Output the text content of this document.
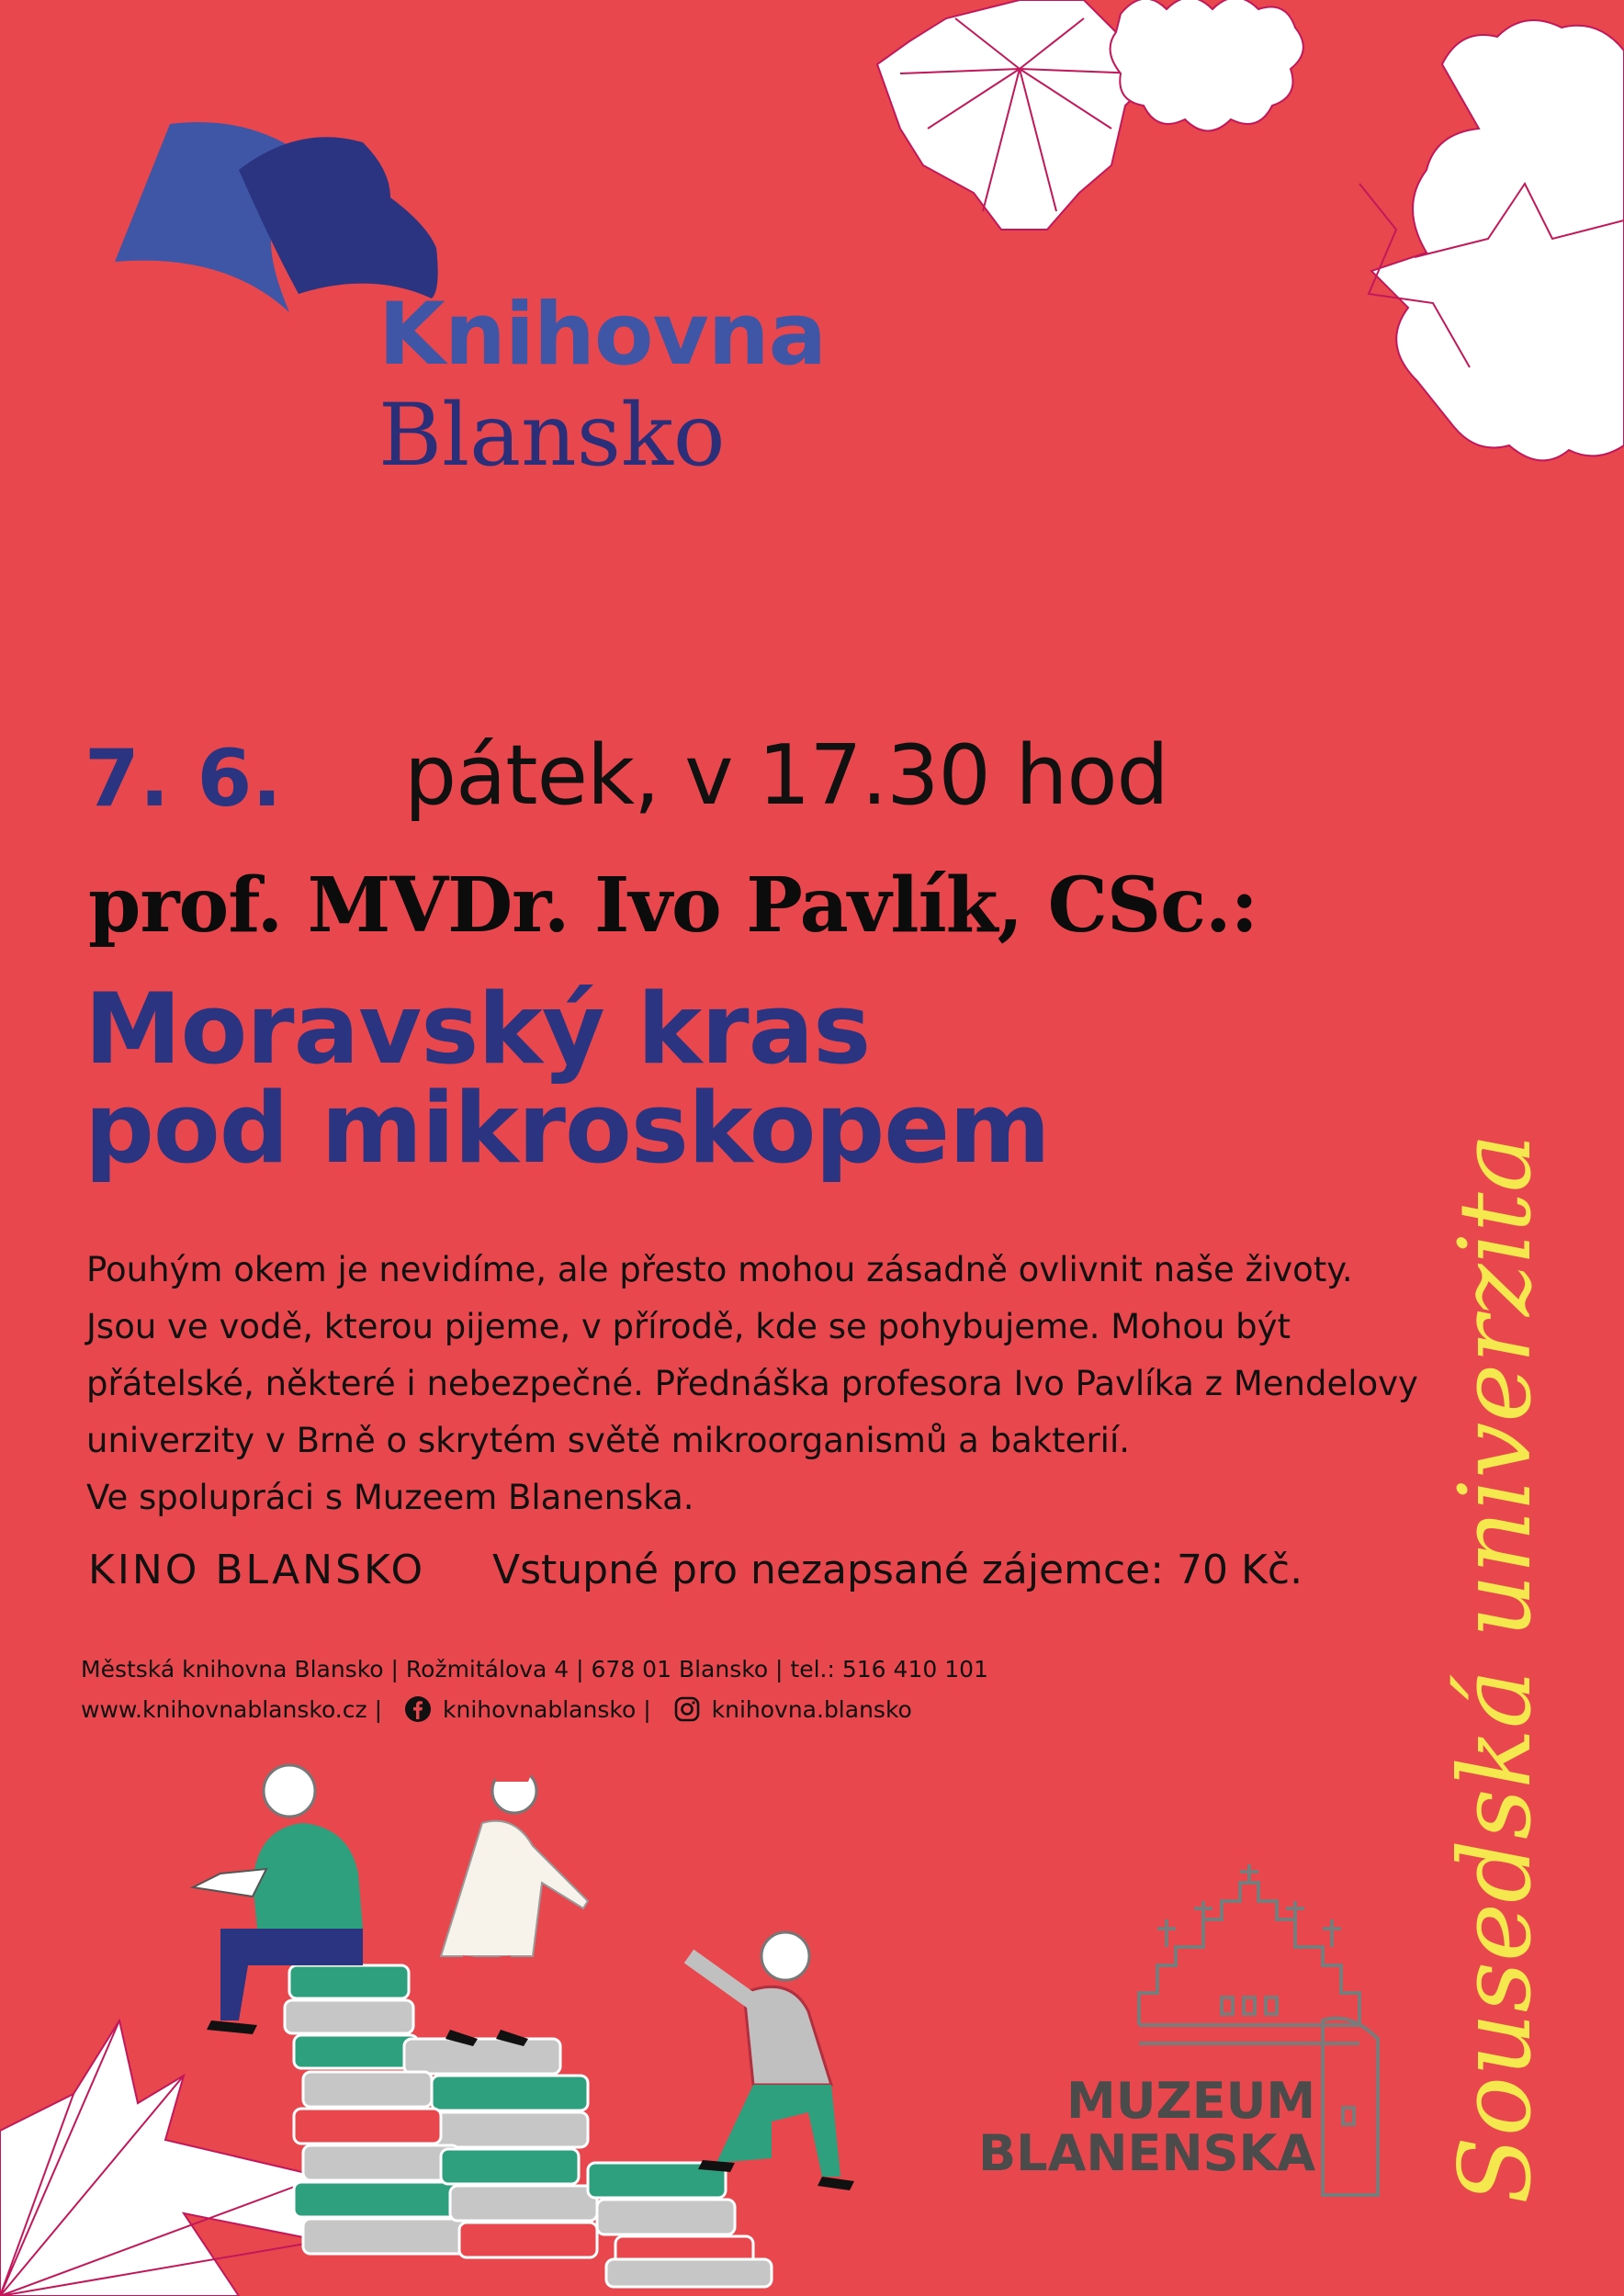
Knihovna
Blansko
7. 6. pátek, v 17.30 hod
prof. MVDr. Ivo Pavlík, CSc.:
Moravský kras
pod mikroskopem
Pouhým okem je nevidíme, ale přesto mohou zásadně ovlivnit naše životy.
Jsou ve vodě, kterou pijeme, v přírodě, kde se pohybujeme. Mohou být
přátelské, některé i nebezpečné. Přednáška profesora Ivo Pavlíka z Mendelovy
univerzity v Brně o skrytém světě mikroorganismů a bakterií.
Ve spolupráci s Muzeem Blanenska.
KINO BLANSKO Vstupné pro nezapsané zájemce: 70 Kč.
Městská knihovna Blansko | Rožmitálova 4 | 678 01 Blansko | tel.: 516 410 101
www.knihovnablansko.cz |	knihovnablansko |	knihovna.blansko	Sousedská univerzita
MUZEUM
BLANENSKA
